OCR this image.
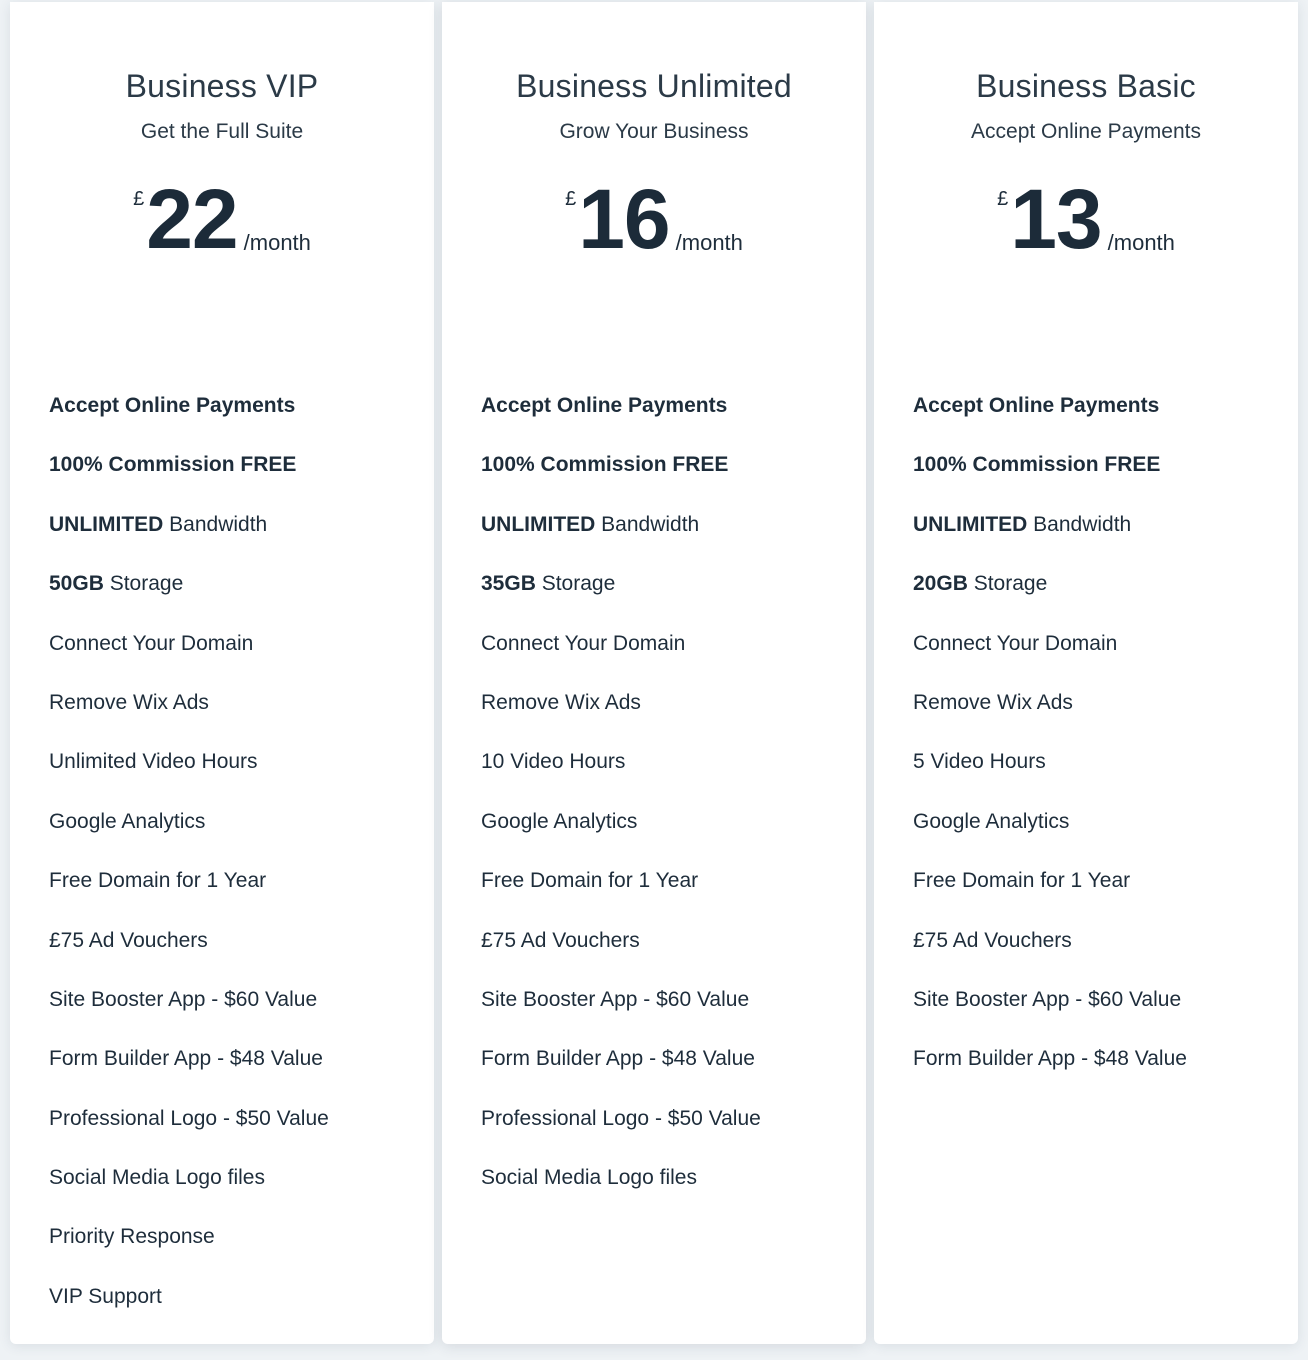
Business VIP
Get the Full Suite
£ 22 /month
Accept Online Payments
100% Commission FREE
UNLIMITED Bandwidth
50GB Storage
Connect Your Domain
Remove Wix Ads
Unlimited Video Hours
Google Analytics
Free Domain for 1 Year
£75 Ad Vouchers
Site Booster App - $60 Value
Form Builder App - $48 Value
Professional Logo - $50 Value
Social Media Logo files
Priority Response
VIP Support
Business Unlimited
Grow Your Business
£ 16 /month
Accept Online Payments
100% Commission FREE
UNLIMITED Bandwidth
35GB Storage
Connect Your Domain
Remove Wix Ads
10 Video Hours
Google Analytics
Free Domain for 1 Year
£75 Ad Vouchers
Site Booster App - $60 Value
Form Builder App - $48 Value
Professional Logo - $50 Value
Social Media Logo files
Business Basic
Accept Online Payments
£ 13 /month
Accept Online Payments
100% Commission FREE
UNLIMITED Bandwidth
20GB Storage
Connect Your Domain
Remove Wix Ads
5 Video Hours
Google Analytics
Free Domain for 1 Year
£75 Ad Vouchers
Site Booster App - $60 Value
Form Builder App - $48 Value
